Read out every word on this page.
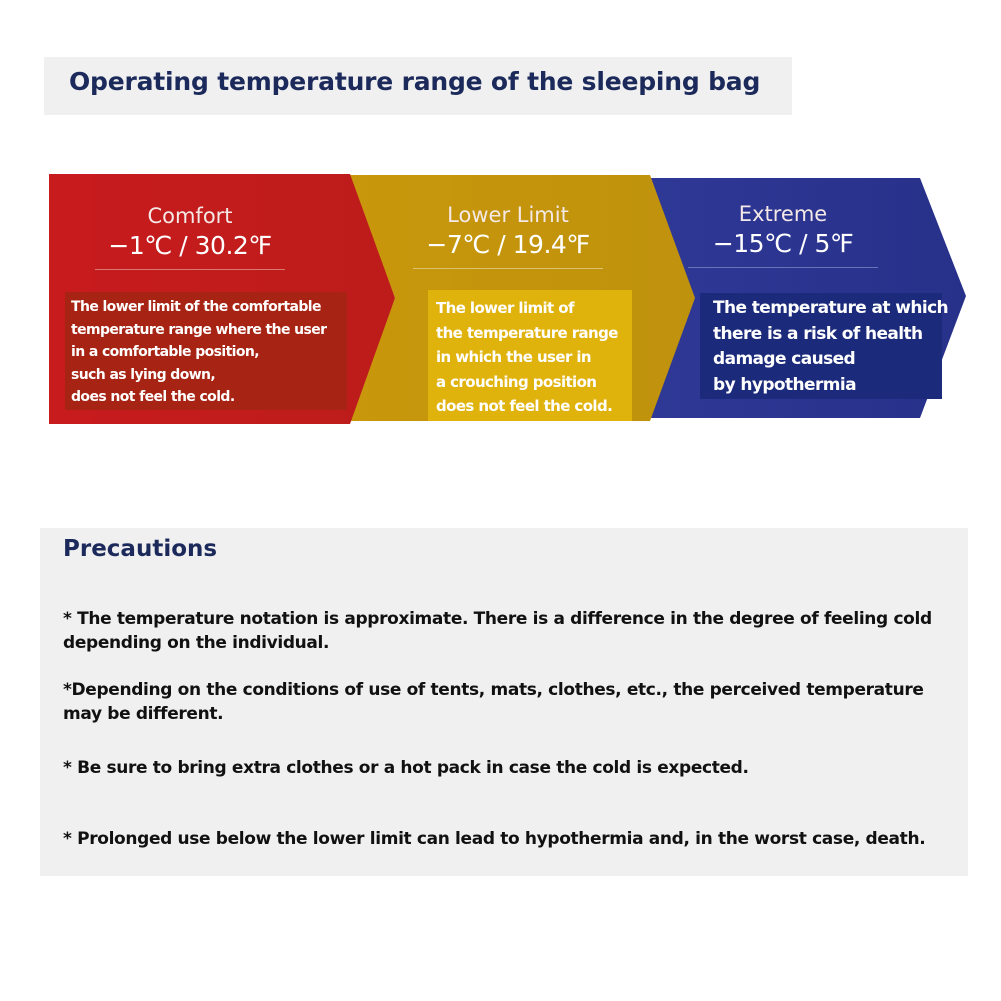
Operating temperature range of the sleeping bag
Comfort
−1℃ / 30.2℉
Lower Limit
−7℃ / 19.4℉
Extreme
−15℃ / 5℉
The lower limit of the comfortable
temperature range where the user
in a comfortable position,
such as lying down,
does not feel the cold.
The lower limit of
the temperature range
in which the user in
a crouching position
does not feel the cold.
The temperature at which
there is a risk of health
damage caused
by hypothermia
Precautions
* The temperature notation is approximate. There is a difference in the degree of feeling cold depending on the individual.
*Depending on the conditions of use of tents, mats, clothes, etc., the perceived temperature may be different.
* Be sure to bring extra clothes or a hot pack in case the cold is expected.
* Prolonged use below the lower limit can lead to hypothermia and, in the worst case, death.
